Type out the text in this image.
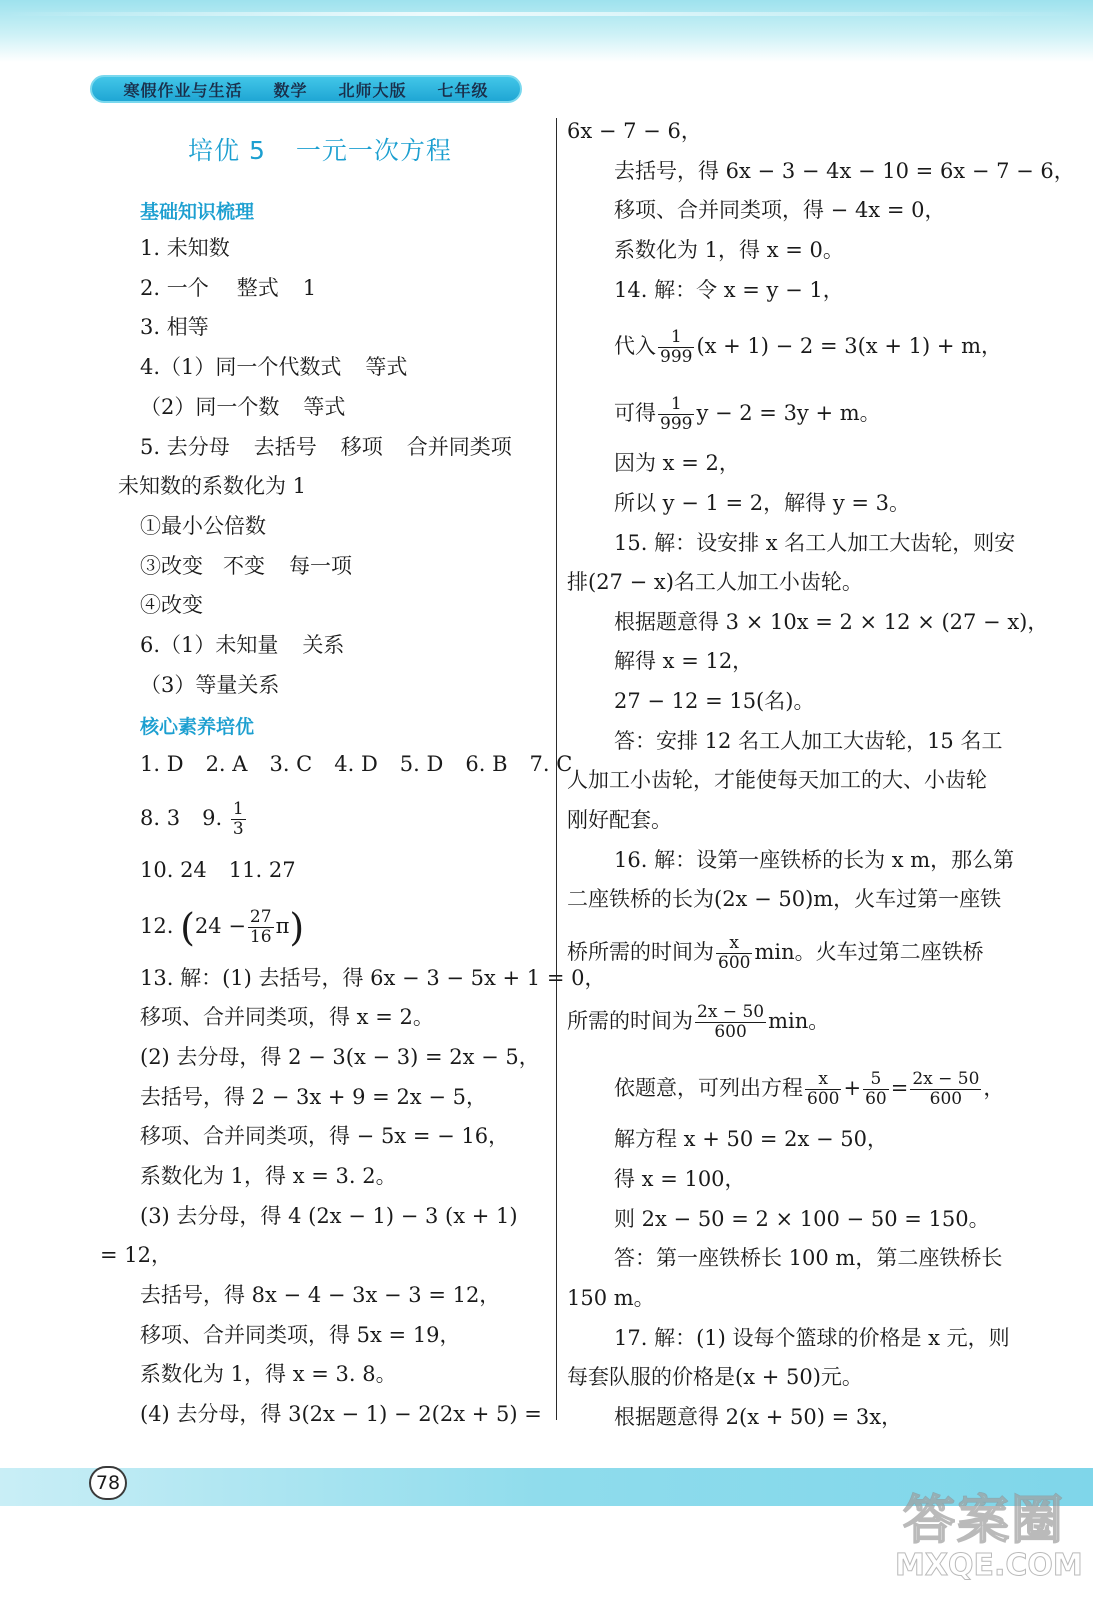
寒假作业与生活 数学 北师大版 七年级
培优 5 一元一次方程
基础知识梳理
1. 未知数
2. 一个 整式 1
3. 相等
4.（1）同一个代数式 等式
（2）同一个数 等式
5. 去分母 去括号 移项 合并同类项
未知数的系数化为 1
①最小公倍数
③改变 不变 每一项
④改变
6.（1）未知量 关系
（3）等量关系
核心素养培优
1. D 2. A 3. C 4. D 5. D 6. B 7. C
8. 3 9. $\frac{1}{3}$
10. 24 11. 27
12. $(24 - \frac{27}{16} \pi)$
13. 解：(1) 去括号，得 6x − 3 − 5x + 1 = 0，
移项、合并同类项，得 x = 2。
(2) 去分母，得 2 − 3(x − 3) = 2x − 5，
去括号，得 2 − 3x + 9 = 2x − 5，
移项、合并同类项，得 − 5x = − 16，
系数化为 1，得 x = 3. 2。
(3) 去分母，得 4 (2x − 1) − 3 (x + 1)
= 12，
去括号，得 8x − 4 − 3x − 3 = 12，
移项、合并同类项，得 5x = 19，
系数化为 1，得 x = 3. 8。
(4) 去分母，得 3(2x − 1) − 2(2x + 5) =
6x − 7 − 6，
去括号，得 6x − 3 − 4x − 10 = 6x − 7 − 6，
移项、合并同类项，得 − 4x = 0，
系数化为 1，得 x = 0。
14. 解：令 x = y − 1，
代入 $\frac{1}{999} (x + 1) - 2 = 3(x + 1) + m$，
可得 $\frac{1}{999}$ y − 2 = 3y + m。
因为 x = 2，
所以 y − 1 = 2，解得 y = 3。
15. 解：设安排 x 名工人加工大齿轮，则安
排(27 − x)名工人加工小齿轮。
根据题意得 3 × 10x = 2 × 12 × (27 − x)，
解得 x = 12，
27 − 12 = 15(名)。
答：安排 12 名工人加工大齿轮，15 名工
人加工小齿轮，才能使每天加工的大、小齿轮
刚好配套。
16. 解：设第一座铁桥的长为 x m，那么第
二座铁桥的长为(2x − 50)m，火车过第一座铁
桥所需的时间为 $\frac{x}{600}$ min。火车过第二座铁桥
所需的时间为 $\frac{2x - 50}{600}$ min。
依题意，可列出方程 $\frac{x}{600} + \frac{5}{60} = \frac{2x - 50}{600}$ ，
解方程 x + 50 = 2x − 50，
得 x = 100，
则 2x − 50 = 2 × 100 − 50 = 150。
答：第一座铁桥长 100 m，第二座铁桥长
150 m。
17. 解：(1) 设每个篮球的价格是 x 元，则
每套队服的价格是(x + 50)元。
根据题意得 2(x + 50) = 3x，
78
答案圈
MXQE.COM
